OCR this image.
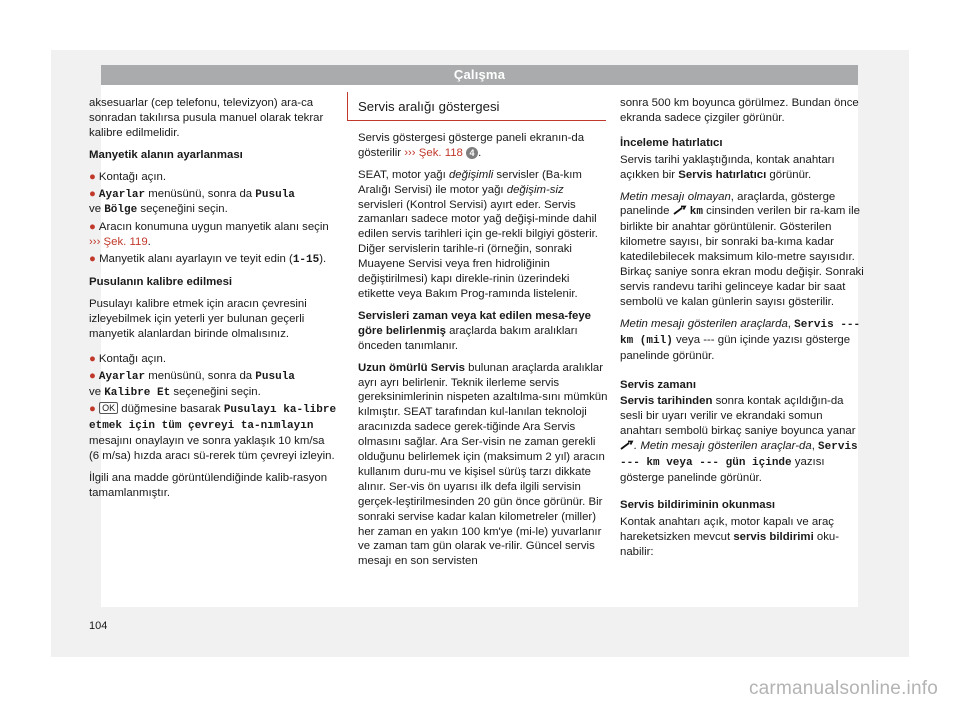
Çalışma

aksesuarlar (cep telefonu, televizyon) ara-ca sonradan takılırsa pusula manuel olarak tekrar kalibre edilmelidir.

Manyetik alanın ayarlanması

● Kontağı açın.

● Ayarlar menüsünü, sonra da Pusula
ve Bölge seçeneğini seçin.

● Aracın konumuna uygun manyetik alanı seçin ››› Şek. 119.

● Manyetik alanı ayarlayın ve teyit edin (1-15).

Pusulanın kalibre edilmesi

Pusulayı kalibre etmek için aracın çevresini izleyebilmek için yeterli yer bulunan geçerli manyetik alanlardan birinde olmalısınız.

● Kontağı açın.

● Ayarlar menüsünü, sonra da Pusula
ve Kalibre Et seçeneğini seçin.

● OK düğmesine basarak Pusulayı ka-libre etmek için tüm çevreyi ta-nımlayın mesajını onaylayın ve sonra yaklaşık 10 km/sa (6 m/sa) hızda aracı sü-rerek tüm çevreyi izleyin.

İlgili ana madde görüntülendiğinde kalib-rasyon tamamlanmıştır.

Servis aralığı göstergesi

Servis göstergesi gösterge paneli ekranın-da gösterilir ››› Şek. 118 4 .

SEAT, motor yağı değişimli servisler (Ba-kım Aralığı Servisi) ile motor yağı değişim-siz servisleri (Kontrol Servisi) ayırt eder. Servis zamanları sadece motor yağ değişi-minde dahil edilen servis tarihleri için ge-rekli bilgiyi gösterir. Diğer servislerin tarihle-ri (örneğin, sonraki Muayene Servisi veya fren hidroliğinin değiştirilmesi) kapı direkle-rinin üzerindeki etikette veya Bakım Prog-ramında listelenir.

Servisleri zaman veya kat edilen mesa-feye göre belirlenmiş araçlarda bakım aralıkları önceden tanımlanır.

Uzun ömürlü Servis bulunan araçlarda aralıklar ayrı ayrı belirlenir. Teknik ilerleme servis gereksinimlerinin nispeten azaltılma-sını mümkün kılmıştır. SEAT tarafından kul-lanılan teknoloji aracınızda sadece gerek-tiğinde Ara Servis olmasını sağlar. Ara Ser-visin ne zaman gerekli olduğunu belirlemek için (maksimum 2 yıl) aracın kullanım duru-mu ve kişisel sürüş tarzı dikkate alınır. Ser-vis ön uyarısı ilk defa ilgili servisin gerçek-leştirilmesinden 20 gün önce görünür. Bir sonraki servise kadar kalan kilometreler (miller) her zaman en yakın 100 km'ye (mi-le) yuvarlanır ve zaman tam gün olarak ve-rilir. Güncel servis mesajı en son servisten

sonra 500 km boyunca görülmez. Bundan önce ekranda sadece çizgiler görünür.

İnceleme hatırlatıcı

Servis tarihi yaklaştığında, kontak anahtarı açıkken bir Servis hatırlatıcı görünür.

Metin mesajı olmayan, araçlarda, gösterge panelinde  km cinsinden verilen bir ra-kam ile birlikte bir anahtar görüntülenir. Gösterilen kilometre sayısı, bir sonraki ba-kıma kadar katedilebilecek maksimum kilo-metre sayısıdır. Birkaç saniye sonra ekran modu değişir. Sonraki servis randevu tarihi gelinceye kadar bir saat sembolü ve kalan günlerin sayısı gösterilir.

Metin mesajı gösterilen araçlarda, Servis --- km (mil) veya --- gün içinde yazısı gösterge panelinde görünür.

Servis zamanı

Servis tarihinden sonra kontak açıldığın-da sesli bir uyarı verilir ve ekrandaki somun anahtarı sembolü birkaç saniye boyunca yanar . Metin mesajı gösterilen araçlar-da, Servis --- km veya --- gün içinde yazısı gösterge panelinde görünür.

Servis bildiriminin okunması

Kontak anahtarı açık, motor kapalı ve araç hareketsizken mevcut servis bildirimi oku-nabilir:

104
carmanualsonline.info
